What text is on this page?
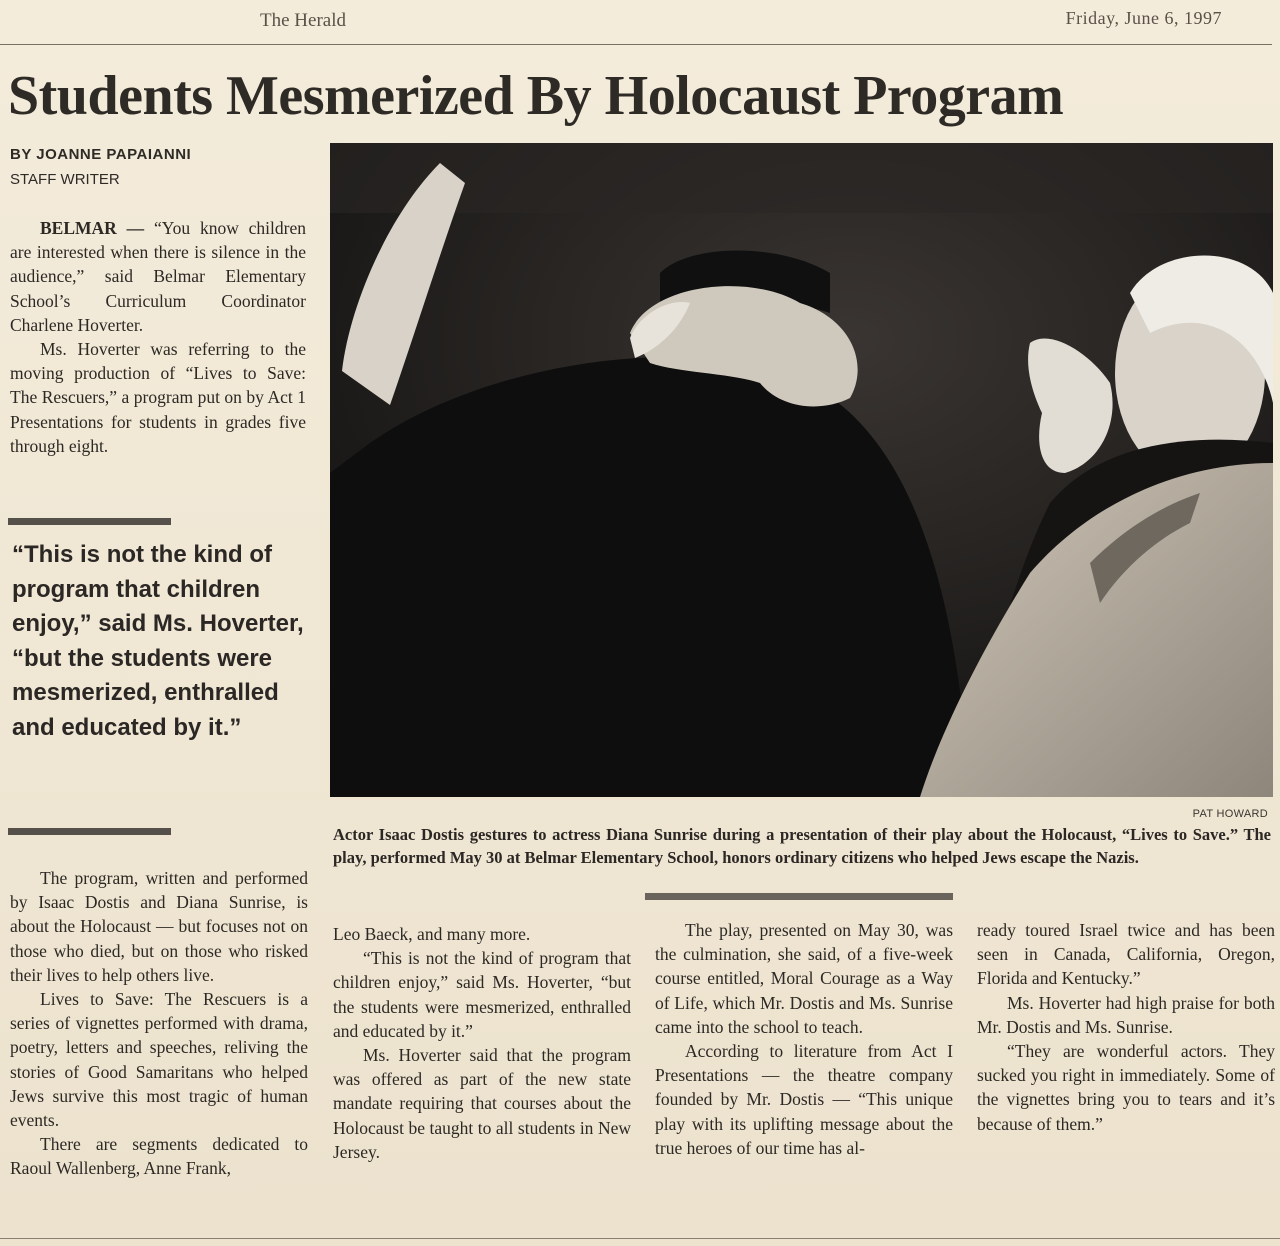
The Herald	Friday, June 6, 1997
Students Mesmerized By Holocaust Program
BY JOANNE PAPAIANNI
STAFF WRITER

BELMAR — “You know children are interested when there is silence in the audience,” said Belmar Elementary School’s Curriculum Coordinator Charlene Hoverter.

Ms. Hoverter was referring to the moving production of “Lives to Save: The Rescuers,” a program put on by Act 1 Presentations for students in grades five through eight.

“This is not the kind of program that children enjoy,” said Ms. Hoverter, “but the students were mesmerized, enthralled and educated by it.”
PAT HOWARD
Actor Isaac Dostis gestures to actress Diana Sunrise during a presentation of their play about the Holocaust, “Lives to Save.” The play, performed May 30 at Belmar Elementary School, honors ordinary citizens who helped Jews escape the Nazis.

The program, written and performed by Isaac Dostis and Diana Sunrise, is about the Holocaust — but focuses not on those who died, but on those who risked their lives to help others live.

Lives to Save: The Rescuers is a series of vignettes performed with drama, poetry, letters and speeches, reliving the stories of Good Samaritans who helped Jews survive this most tragic of human events.

There are segments dedicated to Raoul Wallenberg, Anne Frank,

Leo Baeck, and many more.

“This is not the kind of program that children enjoy,” said Ms. Hoverter, “but the students were mesmerized, enthralled and educated by it.”

Ms. Hoverter said that the program was offered as part of the new state mandate requiring that courses about the Holocaust be taught to all students in New Jersey.

The play, presented on May 30, was the culmination, she said, of a five-week course entitled, Moral Courage as a Way of Life, which Mr. Dostis and Ms. Sunrise came into the school to teach.

According to literature from Act I Presentations — the theatre company founded by Mr. Dostis — “This unique play with its uplifting message about the true heroes of our time has al-

ready toured Israel twice and has been seen in Canada, California, Oregon, Florida and Kentucky.”

Ms. Hoverter had high praise for both Mr. Dostis and Ms. Sunrise.

“They are wonderful actors. They sucked you right in immediately. Some of the vignettes bring you to tears and it’s because of them.”
